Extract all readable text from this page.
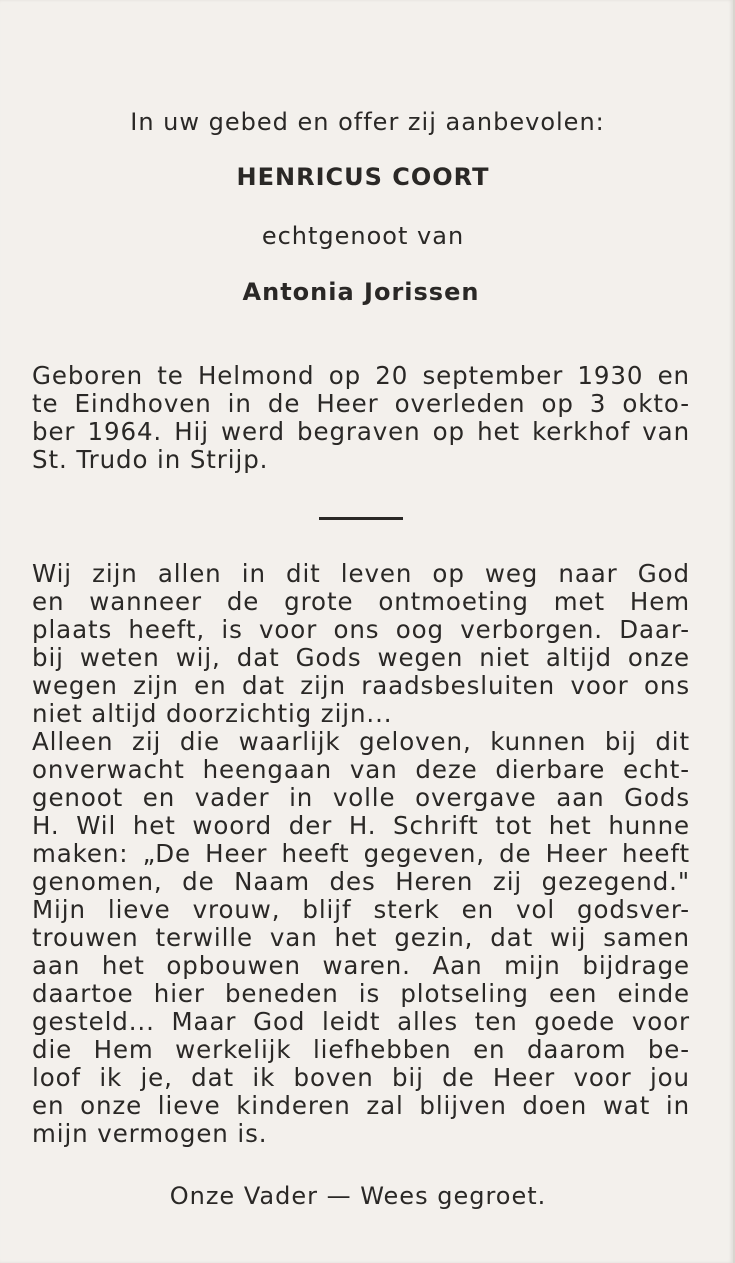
In uw gebed en offer zij aanbevolen:
HENRICUS COORT
echtgenoot van
Antonia Jorissen
Geboren te Helmond op 20 september 1930 en
te Eindhoven in de Heer overleden op 3 okto-
ber 1964. Hij werd begraven op het kerkhof van
St. Trudo in Strijp.
Wij zijn allen in dit leven op weg naar God
en wanneer de grote ontmoeting met Hem
plaats heeft, is voor ons oog verborgen. Daar-
bij weten wij, dat Gods wegen niet altijd onze
wegen zijn en dat zijn raadsbesluiten voor ons
niet altijd doorzichtig zijn...
Alleen zij die waarlijk geloven, kunnen bij dit
onverwacht heengaan van deze dierbare echt-
genoot en vader in volle overgave aan Gods
H. Wil het woord der H. Schrift tot het hunne
maken: „De Heer heeft gegeven, de Heer heeft
genomen, de Naam des Heren zij gezegend."
Mijn lieve vrouw, blijf sterk en vol godsver-
trouwen terwille van het gezin, dat wij samen
aan het opbouwen waren. Aan mijn bijdrage
daartoe hier beneden is plotseling een einde
gesteld... Maar God leidt alles ten goede voor
die Hem werkelijk liefhebben en daarom be-
loof ik je, dat ik boven bij de Heer voor jou
en onze lieve kinderen zal blijven doen wat in
mijn vermogen is.
Onze Vader — Wees gegroet.
